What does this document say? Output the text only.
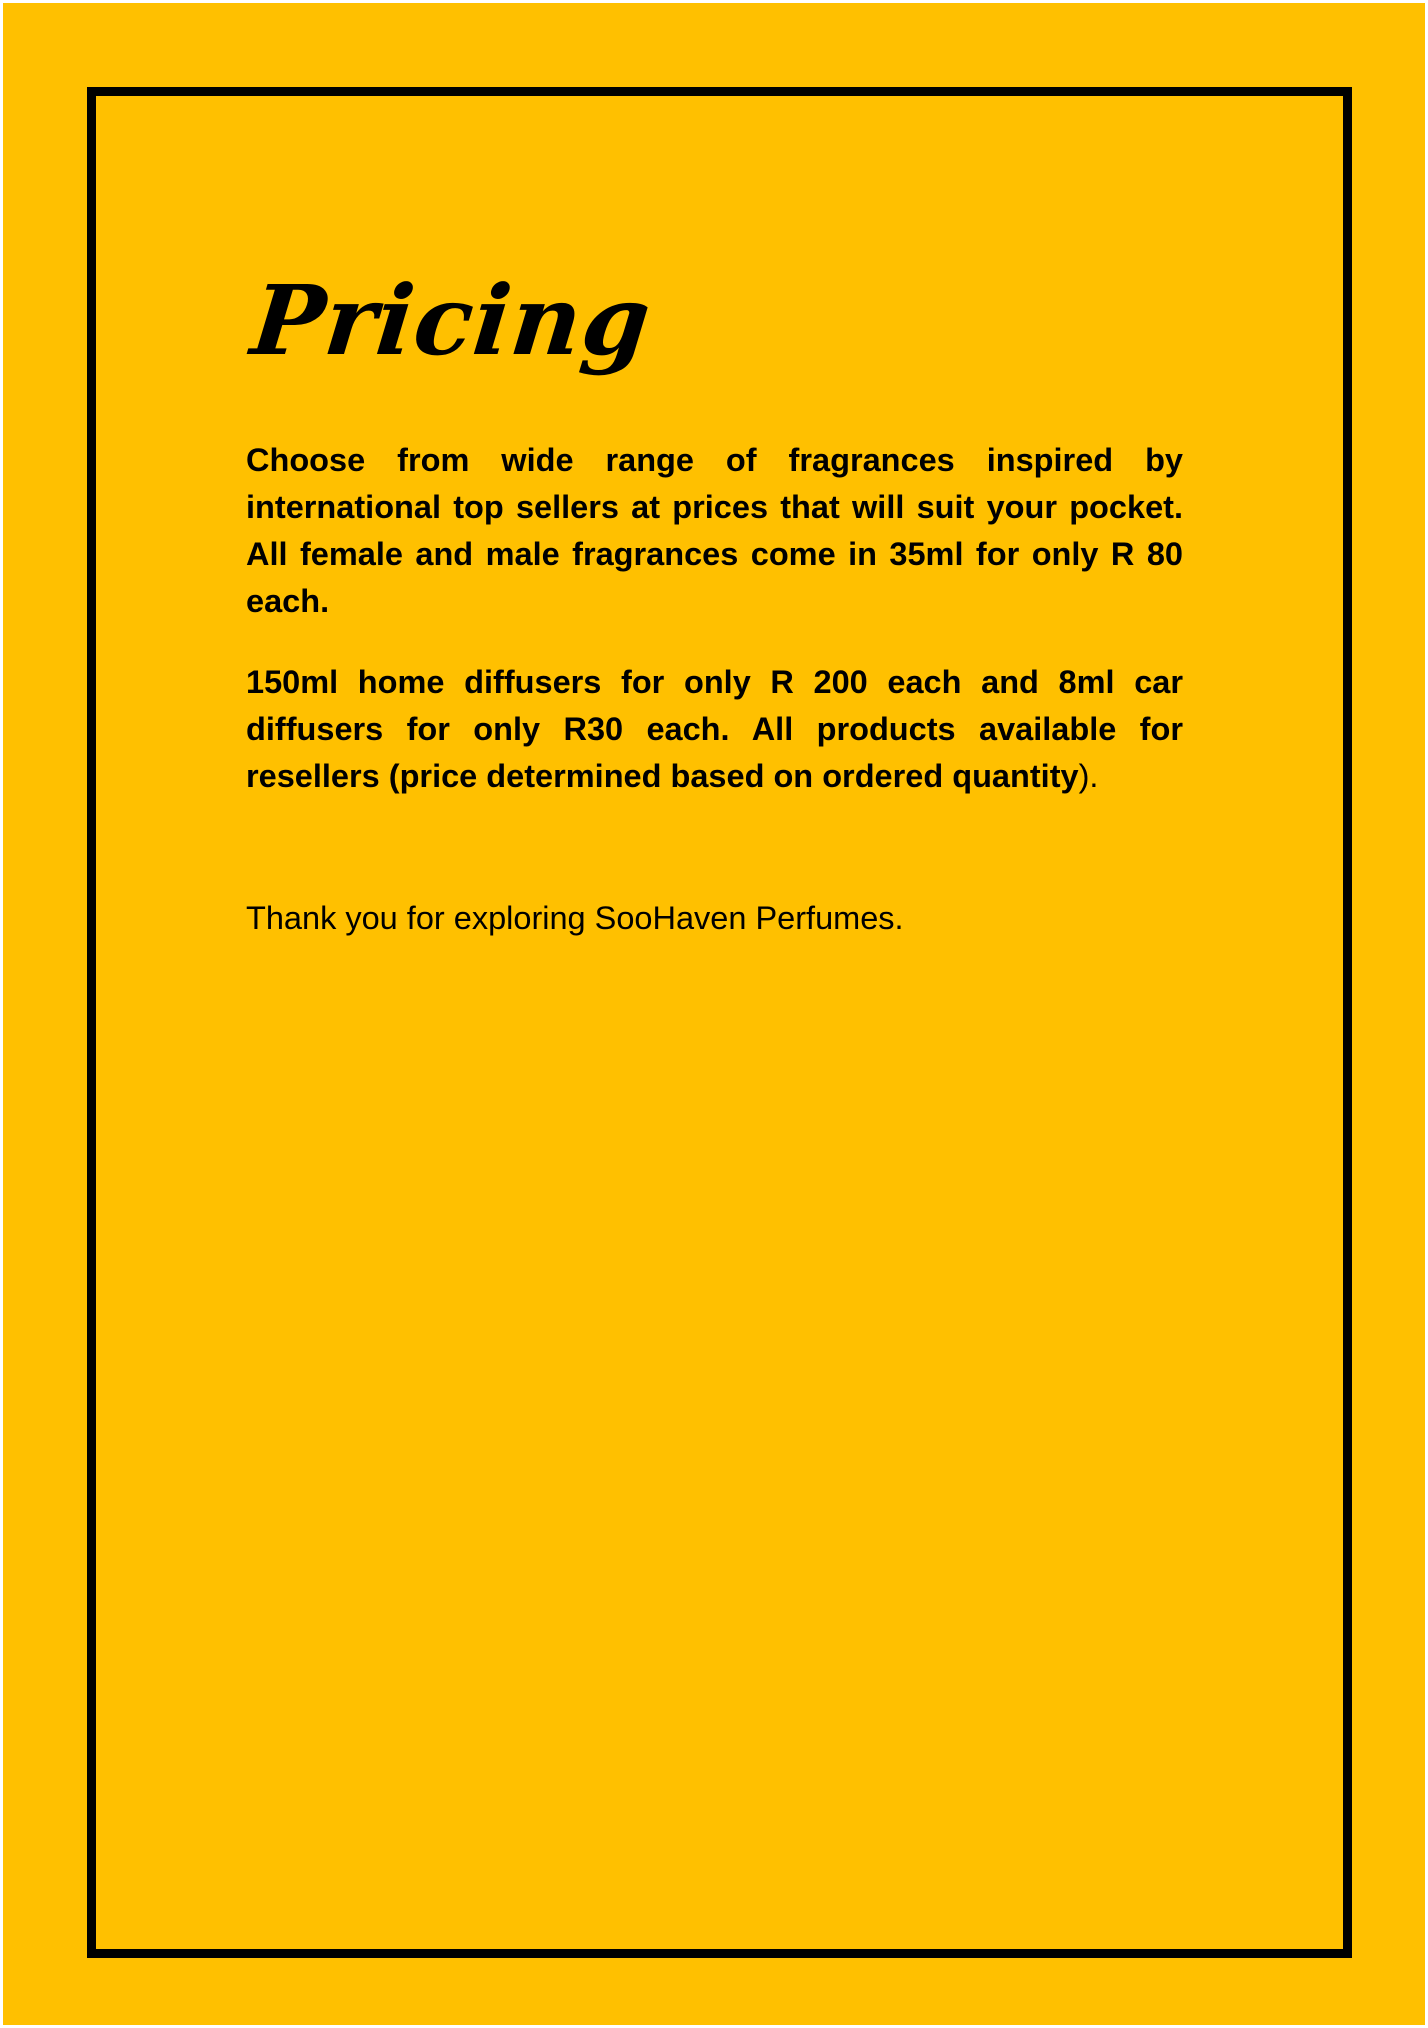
Pricing

Choose from wide range of fragrances inspired by international top sellers at prices that will suit your pocket. All female and male fragrances come in 35ml for only R 80 each.

150ml home diffusers for only R 200 each and 8ml car diffusers for only R30 each. All products available for resellers (price determined based on ordered quantity).

Thank you for exploring SooHaven Perfumes.
